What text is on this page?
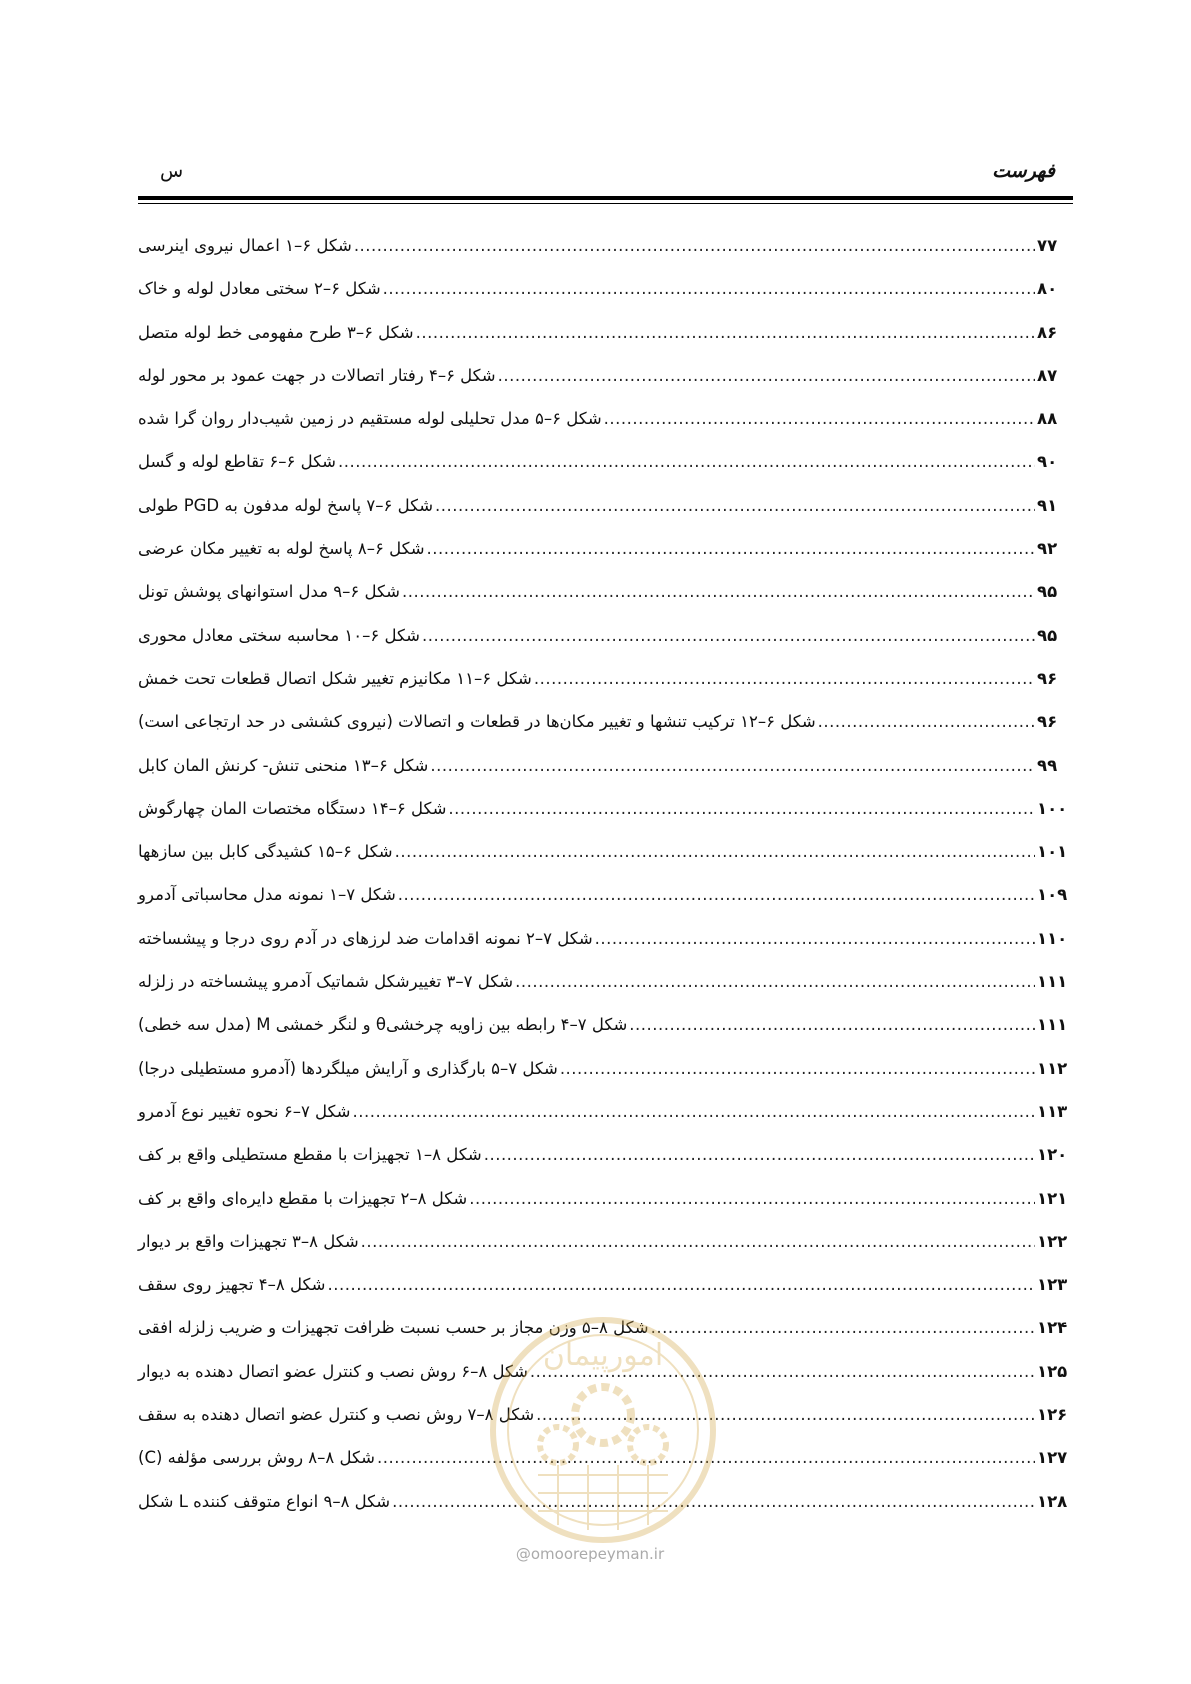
فهرست
س
شکل ۶–۱ اعمال نیروی اینرسی .....	۷۷
شکل ۶–۲ سختی معادل لوله و خاک .....	۸۰
شکل ۶–۳ طرح مفهومی خط لوله متصل .....	۸۶
شکل ۶–۴ رفتار اتصالات در جهت عمود بر محور لوله .....	۸۷
شکل ۶–۵ مدل تحلیلی لوله مستقیم در زمین شیب‌دار روان گرا شده .....	۸۸
شکل ۶–۶ تقاطع لوله و گسل .....	۹۰
شکل ۶–۷ پاسخ لوله مدفون به PGD طولی .....	۹۱
شکل ۶–۸ پاسخ لوله به تغییر مکان عرضی .....	۹۲
شکل ۶–۹ مدل استوانهای پوشش تونل .....	۹۵
شکل ۶–۱۰ محاسبه سختی معادل محوری .....	۹۵
شکل ۶–۱۱ مکانیزم تغییر شکل اتصال قطعات تحت خمش .....	۹۶
شکل ۶–۱۲ ترکیب تنشها و تغییر مکان‌ها در قطعات و اتصالات (نیروی کششی در حد ارتجاعی است) .....	۹۶
شکل ۶–۱۳ منحنی تنش- کرنش المان کابل .....	۹۹
شکل ۶–۱۴ دستگاه مختصات المان چهارگوش .....	۱۰۰
شکل ۶–۱۵ کشیدگی کابل بین سازهها .....	۱۰۱
شکل ۷–۱ نمونه مدل محاسباتی آدمرو .....	۱۰۹
شکل ۷–۲ نمونه اقدامات ضد لرزهای در آدم روی درجا و پیشساخته .....	۱۱۰
شکل ۷–۳ تغییرشکل شماتیک آدمرو پیشساخته در زلزله .....	۱۱۱
شکل ۷–۴ رابطه بین زاویه چرخشیθ و لنگر خمشی M (مدل سه خطی) .....	۱۱۱
شکل ۷–۵ بارگذاری و آرایش میلگردها (آدمرو مستطیلی درجا) .....	۱۱۲
شکل ۷–۶ نحوه تغییر نوع آدمرو .....	۱۱۳
شکل ۸–۱ تجهیزات با مقطع مستطیلی واقع بر کف .....	۱۲۰
شکل ۸–۲ تجهیزات با مقطع دایره‌ای واقع بر کف .....	۱۲۱
شکل ۸–۳ تجهیزات واقع بر دیوار .....	۱۲۲
شکل ۸–۴ تجهیز روی سقف .....	۱۲۳
شکل ۸–۵ وزن مجاز بر حسب نسبت ظرافت تجهیزات و ضریب زلزله افقی .....	۱۲۴
شکل ۸–۶ روش نصب و کنترل عضو اتصال دهنده به دیوار .....	۱۲۵
شکل ۸–۷ روش نصب و کنترل عضو اتصال دهنده به سقف .....	۱۲۶
شکل ۸–۸ روش بررسی مؤلفه (C) .....	۱۲۷
شکل ۸–۹ انواع متوقف کننده L شکل .....	۱۲۸
امورپیمان
@omoorepeyman.ir
